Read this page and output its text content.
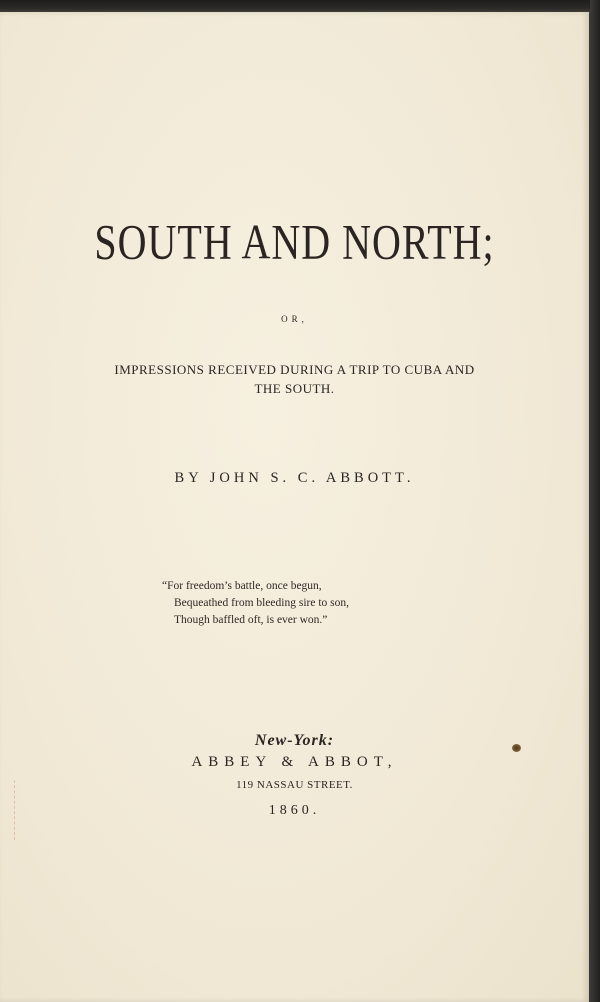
SOUTH AND NORTH;
OR,
IMPRESSIONS RECEIVED DURING A TRIP TO CUBA AND
THE SOUTH.
BY JOHN S. C. ABBOTT.
“For freedom’s battle, once begun,
Bequeathed from bleeding sire to son,
Though baffled oft, is ever won.”
New-York:
ABBEY & ABBOT,
119 NASSAU STREET.
1860.
